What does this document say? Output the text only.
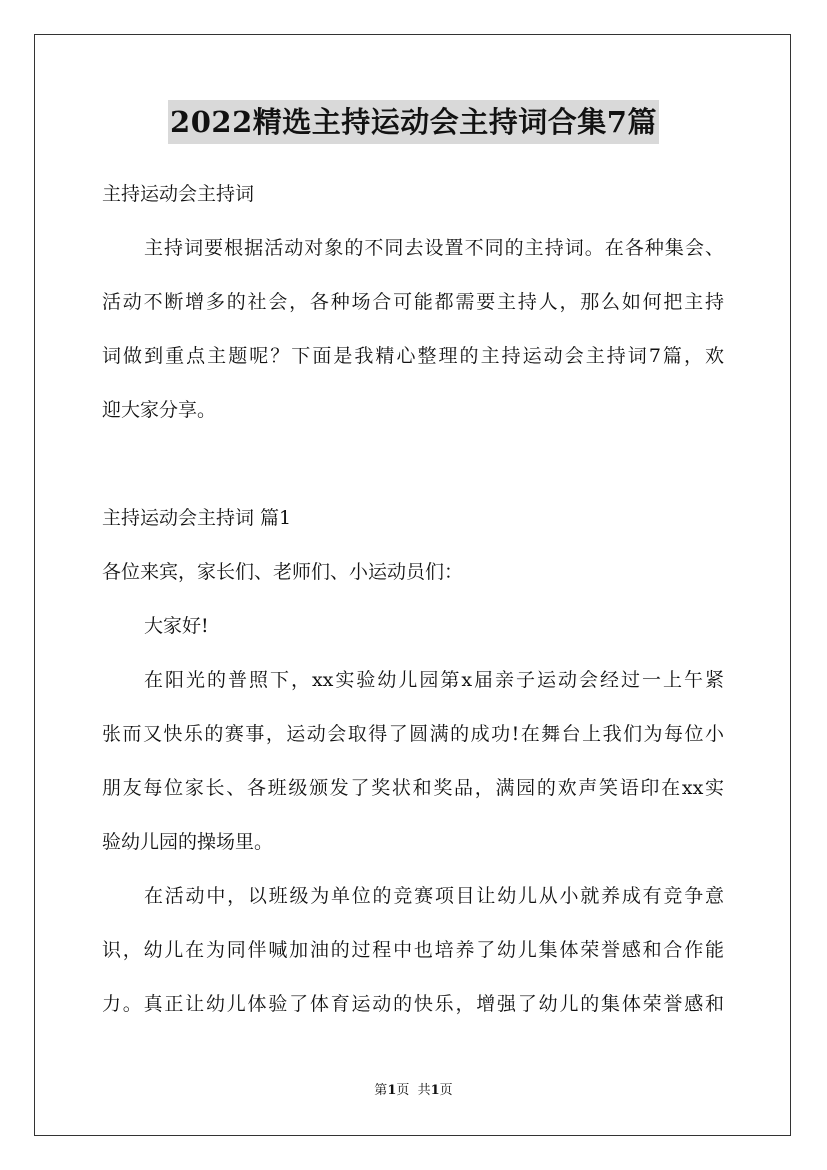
2022精选主持运动会主持词合集7篇
主持运动会主持词
主持词要根据活动对象的不同去设置不同的主持词。在各种集会、
活动不断增多的社会，各种场合可能都需要主持人，那么如何把主持
词做到重点主题呢？下面是我精心整理的主持运动会主持词7篇，欢
迎大家分享。
主持运动会主持词 篇1
各位来宾，家长们、老师们、小运动员们：
大家好!
在阳光的普照下，xx实验幼儿园第x届亲子运动会经过一上午紧
张而又快乐的赛事，运动会取得了圆满的成功!在舞台上我们为每位小
朋友每位家长、各班级颁发了奖状和奖品，满园的欢声笑语印在xx实
验幼儿园的操场里。
在活动中，以班级为单位的竞赛项目让幼儿从小就养成有竞争意
识，幼儿在为同伴喊加油的过程中也培养了幼儿集体荣誉感和合作能
力。真正让幼儿体验了体育运动的快乐，增强了幼儿的集体荣誉感和
第1页  共1页
